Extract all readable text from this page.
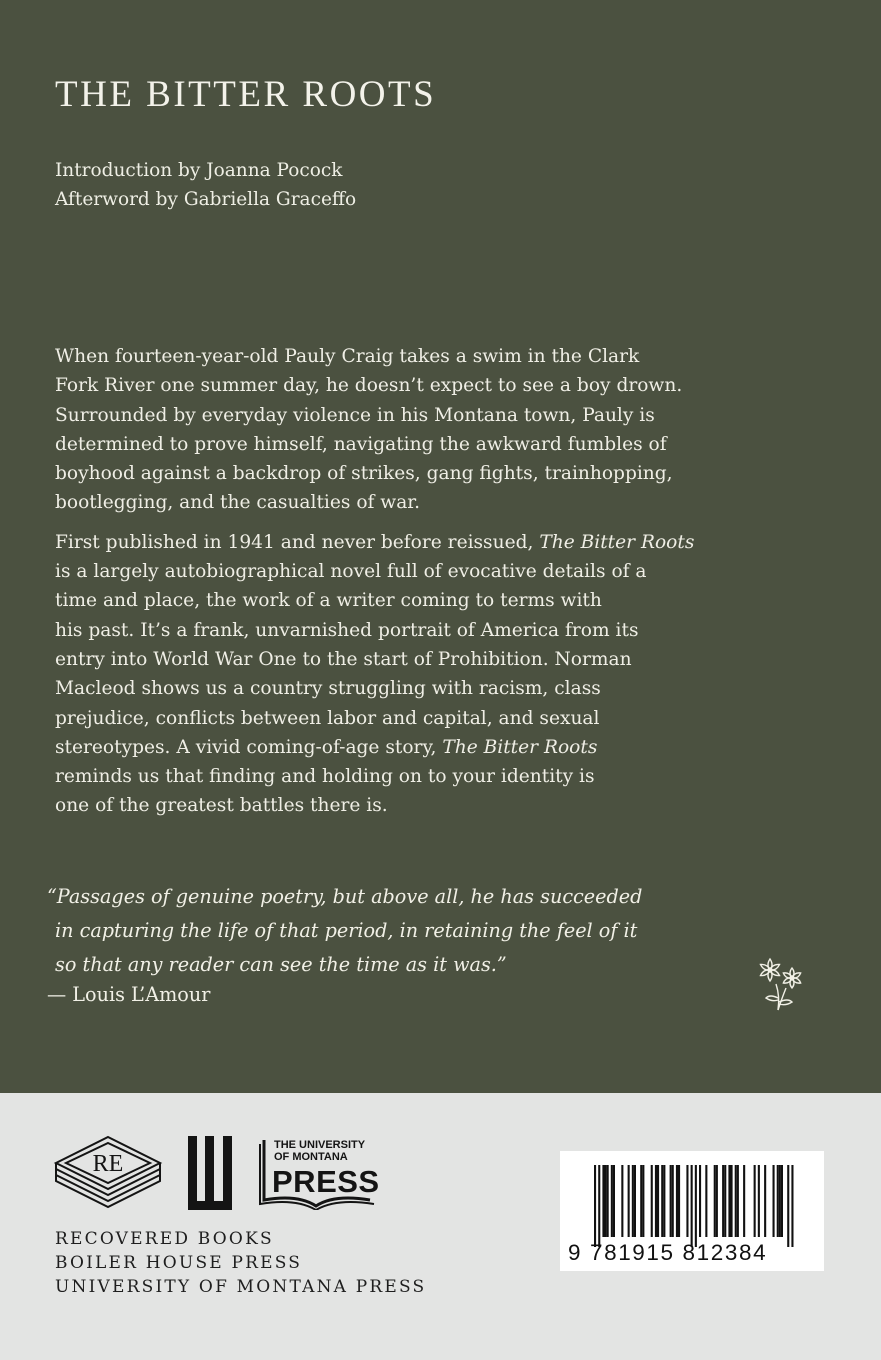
THE BITTER ROOTS
Introduction by Joanna Pocock
Afterword by Gabriella Graceffo

When fourteen-year-old Pauly Craig takes a swim in the Clark
Fork River one summer day, he doesn’t expect to see a boy drown.
Surrounded by everyday violence in his Montana town, Pauly is
determined to prove himself, navigating the awkward fumbles of
boyhood against a backdrop of strikes, gang fights, trainhopping,
bootlegging, and the casualties of war.

First published in 1941 and never before reissued, The Bitter Roots
is a largely autobiographical novel full of evocative details of a
time and place, the work of a writer coming to terms with
his past. It’s a frank, unvarnished portrait of America from its
entry into World War One to the start of Prohibition. Norman
Macleod shows us a country struggling with racism, class
prejudice, conflicts between labor and capital, and sexual
stereotypes. A vivid coming-of-age story, The Bitter Roots
reminds us that finding and holding on to your identity is
one of the greatest battles there is.

“Passages of genuine poetry, but above all, he has succeeded
in capturing the life of that period, in retaining the feel of it
so that any reader can see the time as it was.”
— Louis L’Amour
RE
THE UNIVERSITY
OF MONTANA
PRESS
RECOVERED BOOKS
BOILER HOUSE PRESS
UNIVERSITY OF MONTANA PRESS
9 781915 812384
